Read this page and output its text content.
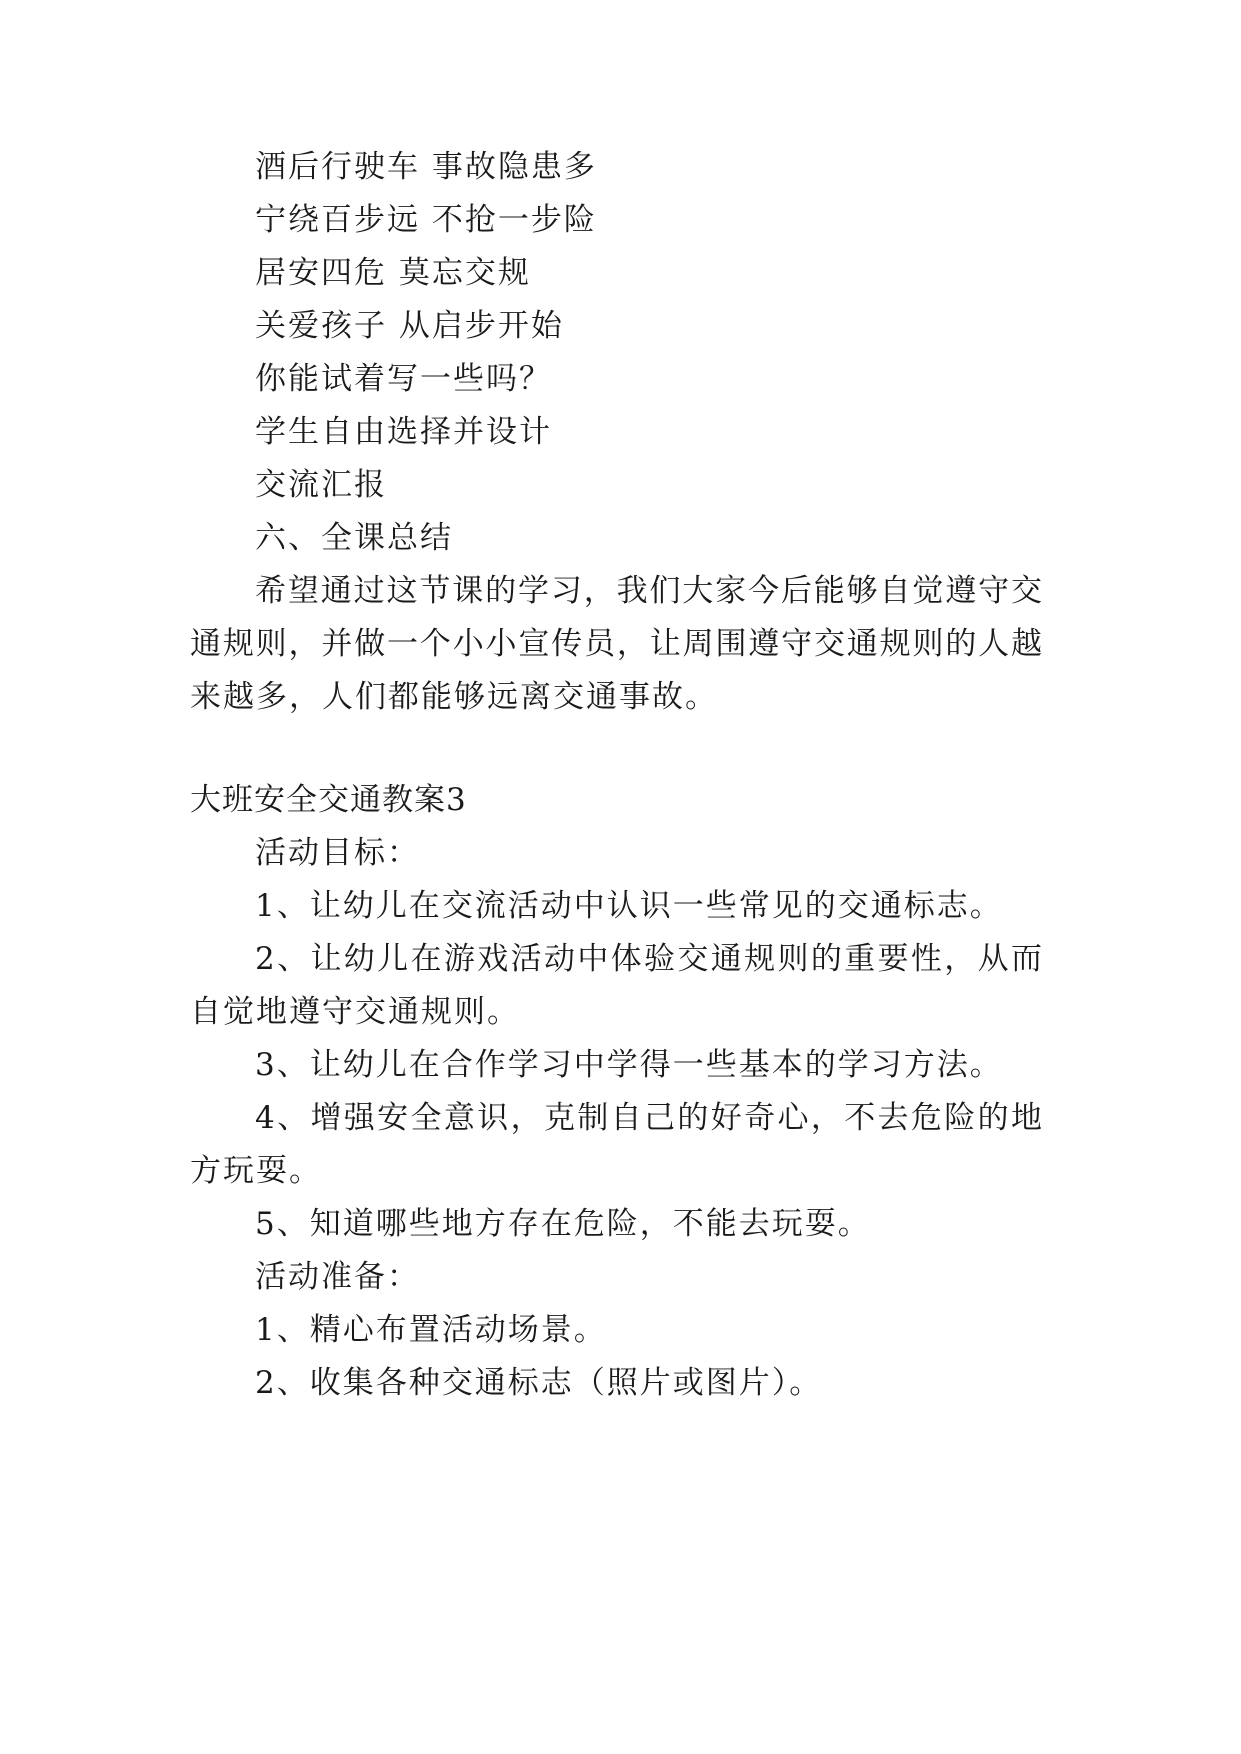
酒后行驶车 事故隐患多
宁绕百步远 不抢一步险
居安四危 莫忘交规
关爱孩子 从启步开始
你能试着写一些吗？
学生自由选择并设计
交流汇报
六、全课总结
希望通过这节课的学习，我们大家今后能够自觉遵守交
通规则，并做一个小小宣传员，让周围遵守交通规则的人越
来越多，人们都能够远离交通事故。
大班安全交通教案3
活动目标：
1、让幼儿在交流活动中认识一些常见的交通标志。
2、让幼儿在游戏活动中体验交通规则的重要性，从而
自觉地遵守交通规则。
3、让幼儿在合作学习中学得一些基本的学习方法。
4、增强安全意识，克制自己的好奇心，不去危险的地
方玩耍。
5、知道哪些地方存在危险，不能去玩耍。
活动准备：
1、精心布置活动场景。
2、收集各种交通标志（照片或图片）。
